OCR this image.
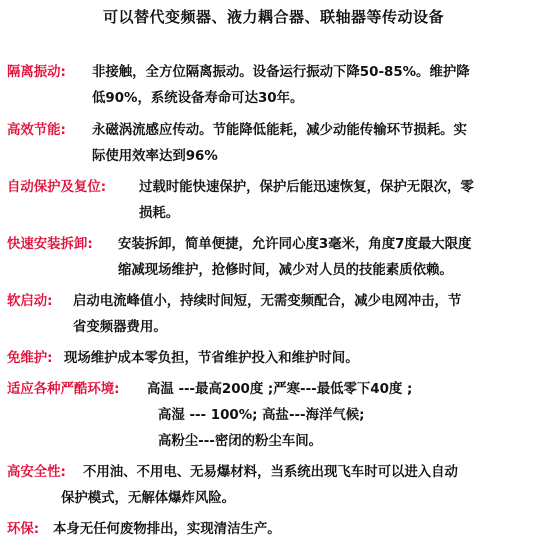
可以替代变频器、液力耦合器、联轴器等传动设备
隔离振动:	非接触，全方位隔离振动。设备运行振动下降50-85%。维护降
低90%，系统设备寿命可达30年。
高效节能:	永磁涡流感应传动。节能降低能耗，减少动能传输环节损耗。实
际使用效率达到96%
自动保护及复位:	过载时能快速保护，保护后能迅速恢复，保护无限次，零
损耗。
快速安装拆卸:	安装拆卸，简单便捷，允许同心度3毫米，角度7度最大限度
缩减现场维护，抢修时间，减少对人员的技能素质依赖。
软启动:	启动电流峰值小，持续时间短，无需变频配合，减少电网冲击，节
省变频器费用。
免维护: 现场维护成本零负担，节省维护投入和维护时间。
适应各种严酷环境:	高温 ---最高200度 ;严寒---最低零下40度 ;
高湿 --- 100%; 高盐---海洋气候;
高粉尘---密闭的粉尘车间。
高安全性:	不用油、不用电、无易爆材料，当系统出现飞车时可以进入自动
保护模式，无解体爆炸风险。
环保:	本身无任何废物排出，实现清洁生产。
